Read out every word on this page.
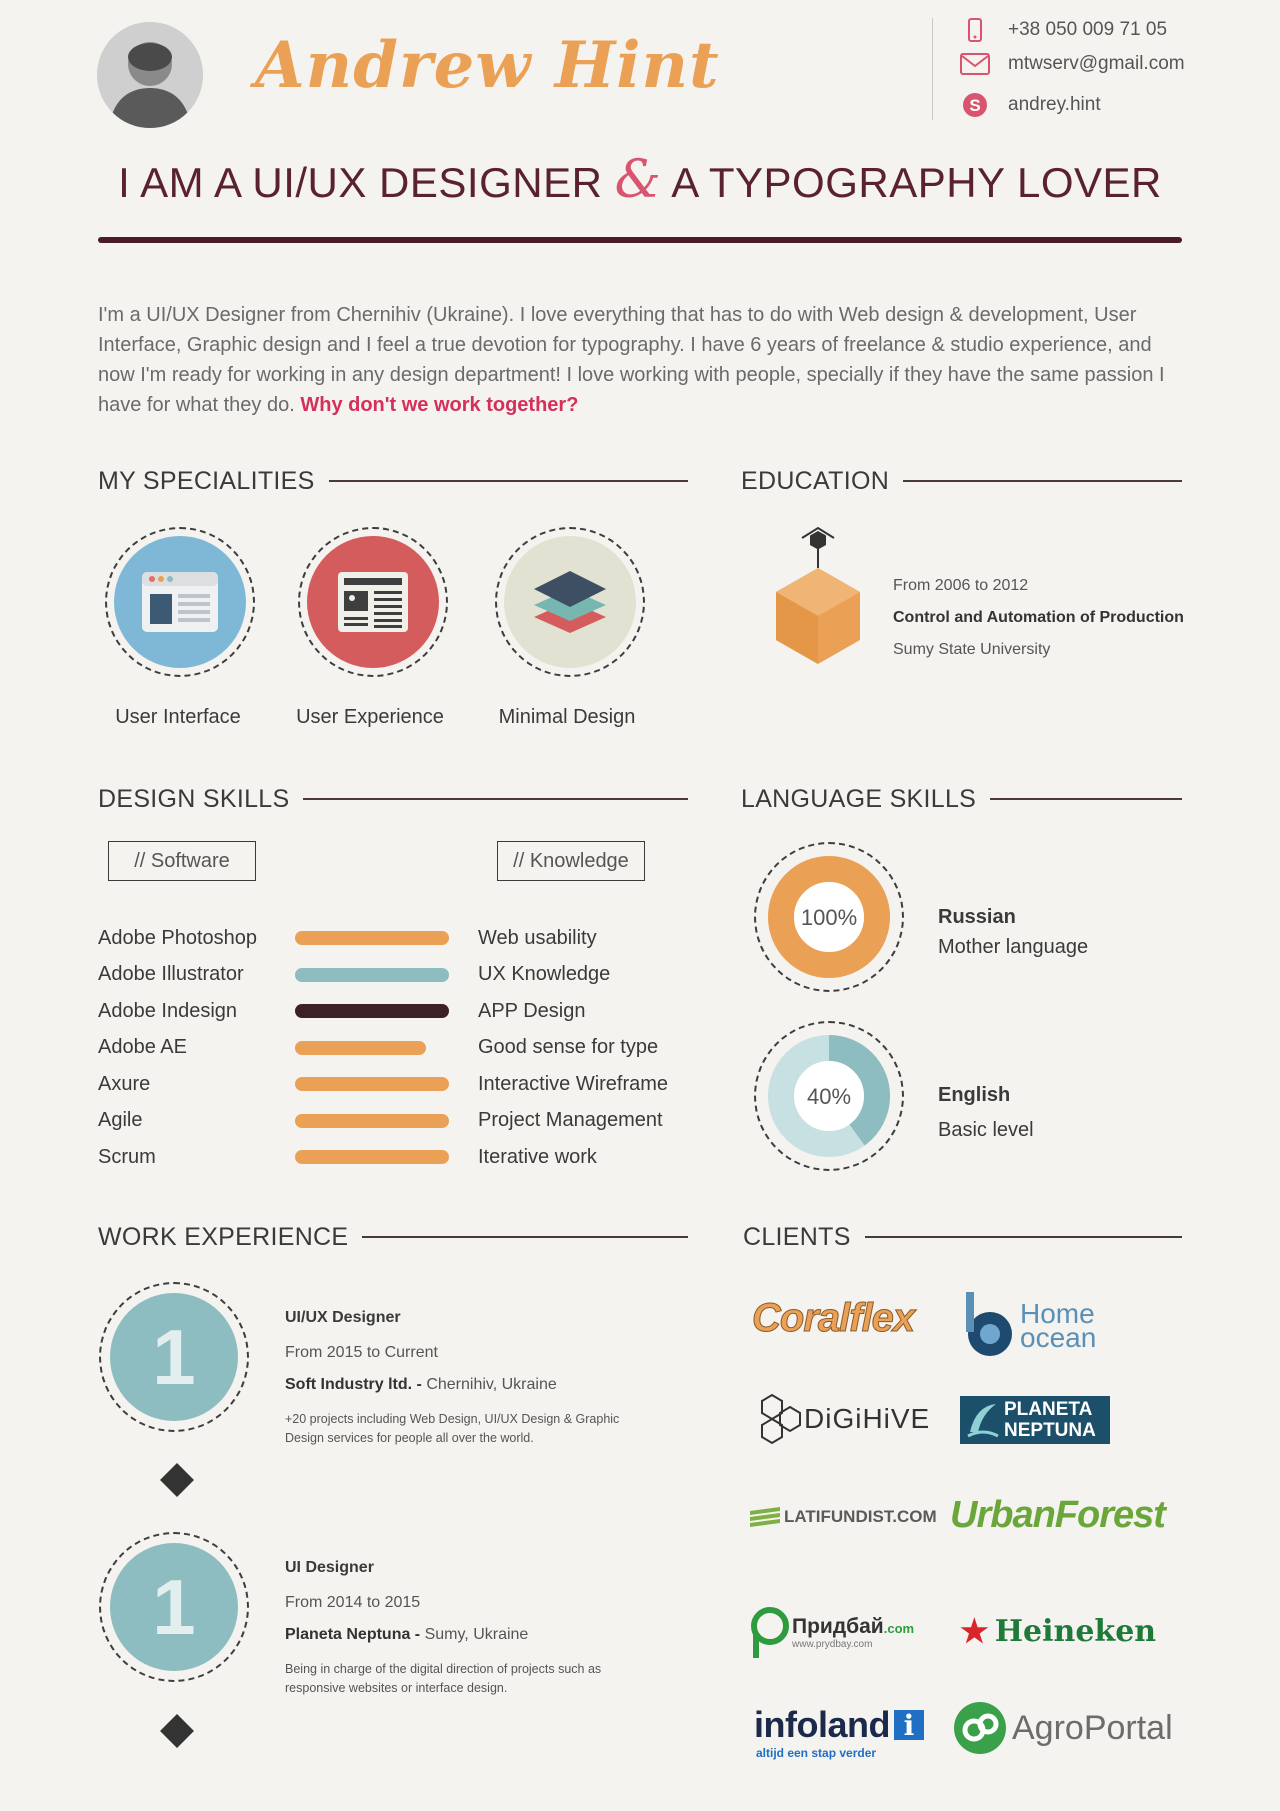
Andrew Hint	+38 050 009 71 05
mtwserv@gmail.com
S andrey.hint
I AM A UI/UX DESIGNER & A TYPOGRAPHY LOVER
I'm a UI/UX Designer from Chernihiv (Ukraine). I love everything that has to do with Web design & development, User Interface, Graphic design and I feel a true devotion for typography. I have 6 years of freelance & studio experience, and now I'm ready for working in any design department! I love working with people, specially if they have the same passion I have for what they do. Why don't we work together?
MY SPECIALITIES
User Interface	User Experience	Minimal Design
EDUCATION
From 2006 to 2012
Control and Automation of Production
Sumy State University
DESIGN SKILLS
// Software	// Knowledge
Adobe Photoshop
Adobe Illustrator
Adobe Indesign
Adobe AE
Axure
Agile
Scrum
Web usability
UX Knowledge
APP Design
Good sense for type
Interactive Wireframe
Project Management
Iterative work
LANGUAGE SKILLS
100%	Russian
Mother language
40%	English
Basic level
WORK EXPERIENCE
1	UI/UX Designer
From 2015 to Current
Soft Industry ltd. - Chernihiv, Ukraine
+20 projects including Web Design, UI/UX Design & Graphic Design services for people all over the world.
1	UI Designer
From 2014 to 2015
Planeta Neptuna - Sumy, Ukraine
Being in charge of the digital direction of projects such as responsive websites or interface design.
CLIENTS
Coralflex	Home
ocean
DiGiHiVE	PLANETA
NEPTUNA
LATIFUNDIST.COM UrbanForest
Придбай.com
www.prydbay.com	★ Heineken
infoland i
altijd een stap verder
AgroPortal
